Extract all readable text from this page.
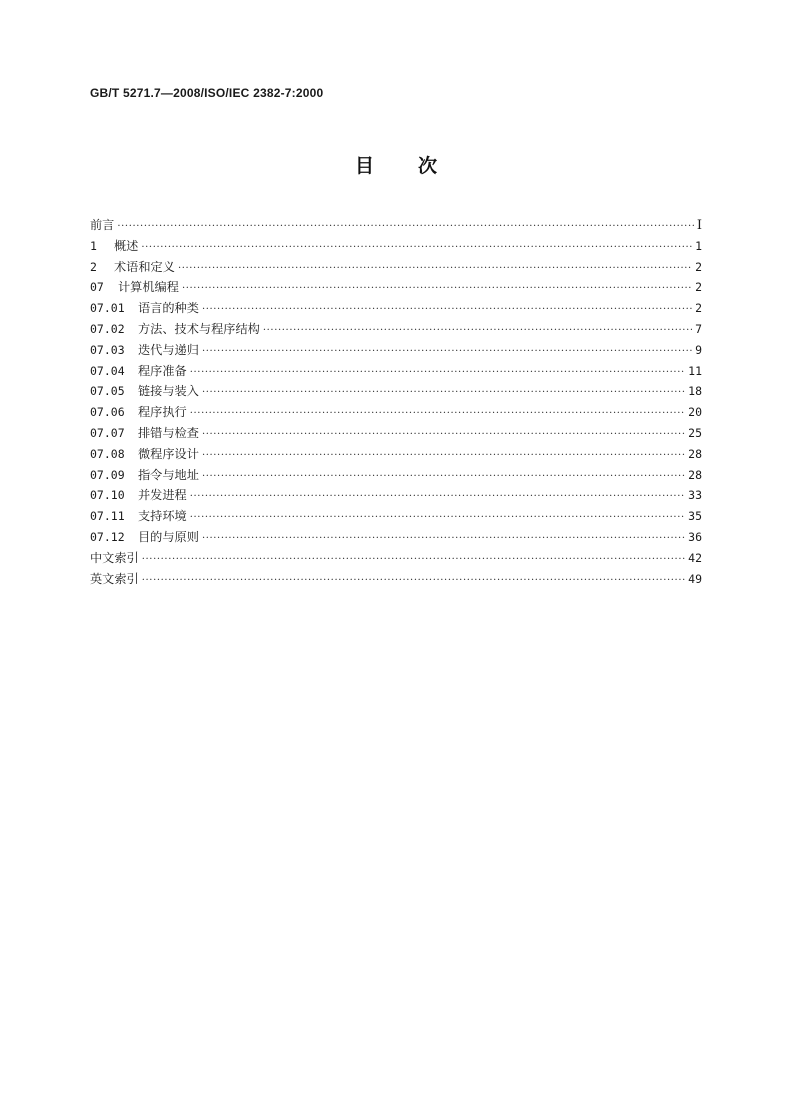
GB/T 5271.7—2008/ISO/IEC 2382-7:2000
目 次
前言 ·····	Ⅰ
1 概述 ·····	1
2 术语和定义 ·····	2
07 计算机编程 ·····	2
07.01 语言的种类 ·····	2
07.02 方法、技术与程序结构 ·····	7
07.03 迭代与递归 ·····	9
07.04 程序准备 ·····	11
07.05 链接与装入 ·····	18
07.06 程序执行 ·····	20
07.07 排错与检查 ·····	25
07.08 微程序设计 ·····	28
07.09 指令与地址 ·····	28
07.10 并发进程 ·····	33
07.11 支持环境 ·····	35
07.12 目的与原则 ·····	36
中文索引 ·····	42
英文索引 ·····	49
